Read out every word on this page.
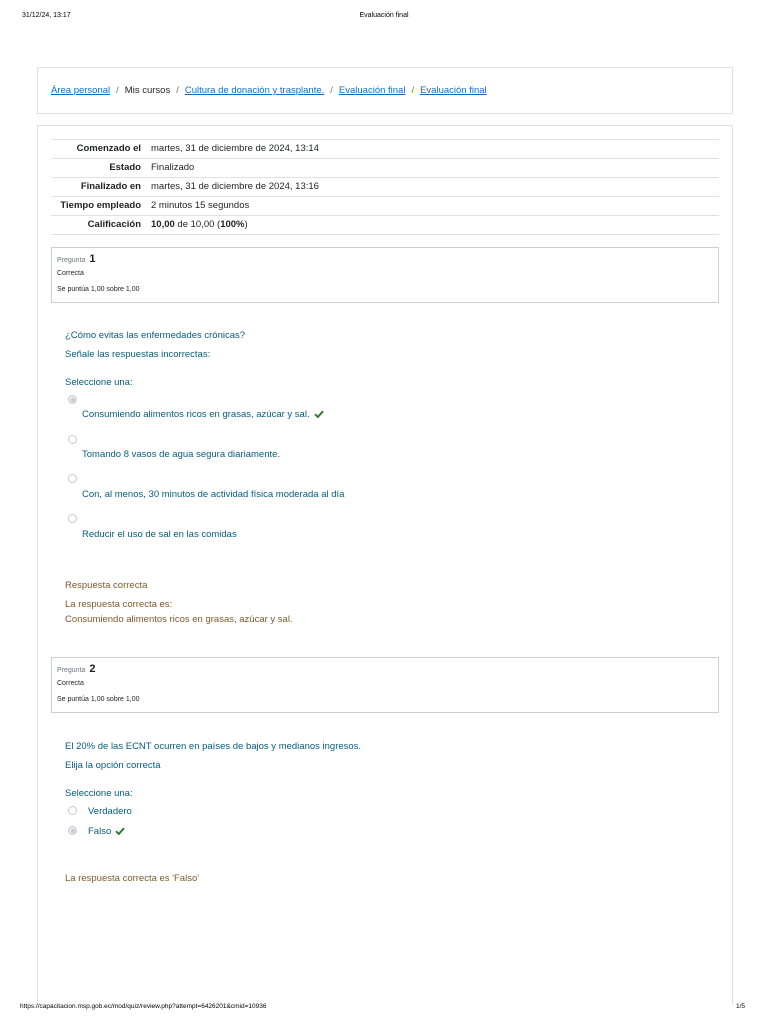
31/12/24, 13:17	Evaluación final
Área personal / Mis cursos / Cultura de donación y trasplante. / Evaluación final / Evaluación final
Comenzado el	martes, 31 de diciembre de 2024, 13:14
Estado	Finalizado
Finalizado en	martes, 31 de diciembre de 2024, 13:16
Tiempo empleado	2 minutos 15 segundos
Calificación	10,00 de 10,00 (100%)
Pregunta 1
Correcta
Se puntúa 1,00 sobre 1,00
¿Cómo evitas las enfermedades crónicas?
Señale las respuestas incorrectas:
Seleccione una:
Consumiendo alimentos ricos en grasas, azúcar y sal.
Tomando 8 vasos de agua segura diariamente.
Con, al menos, 30 minutos de actividad física moderada al día
Reducir el uso de sal en las comidas
Respuesta correcta
La respuesta correcta es:
Consumiendo alimentos ricos en grasas, azúcar y sal.
Pregunta 2
Correcta
Se puntúa 1,00 sobre 1,00
El 20% de las ECNT ocurren en países de bajos y medianos ingresos.
Elija la opción correcta
Seleccione una:
Verdadero
Falso
La respuesta correcta es 'Falso'
https://capacitacion.msp.gob.ec/mod/quiz/review.php?attempt=6426201&cmid=10936	1/5
